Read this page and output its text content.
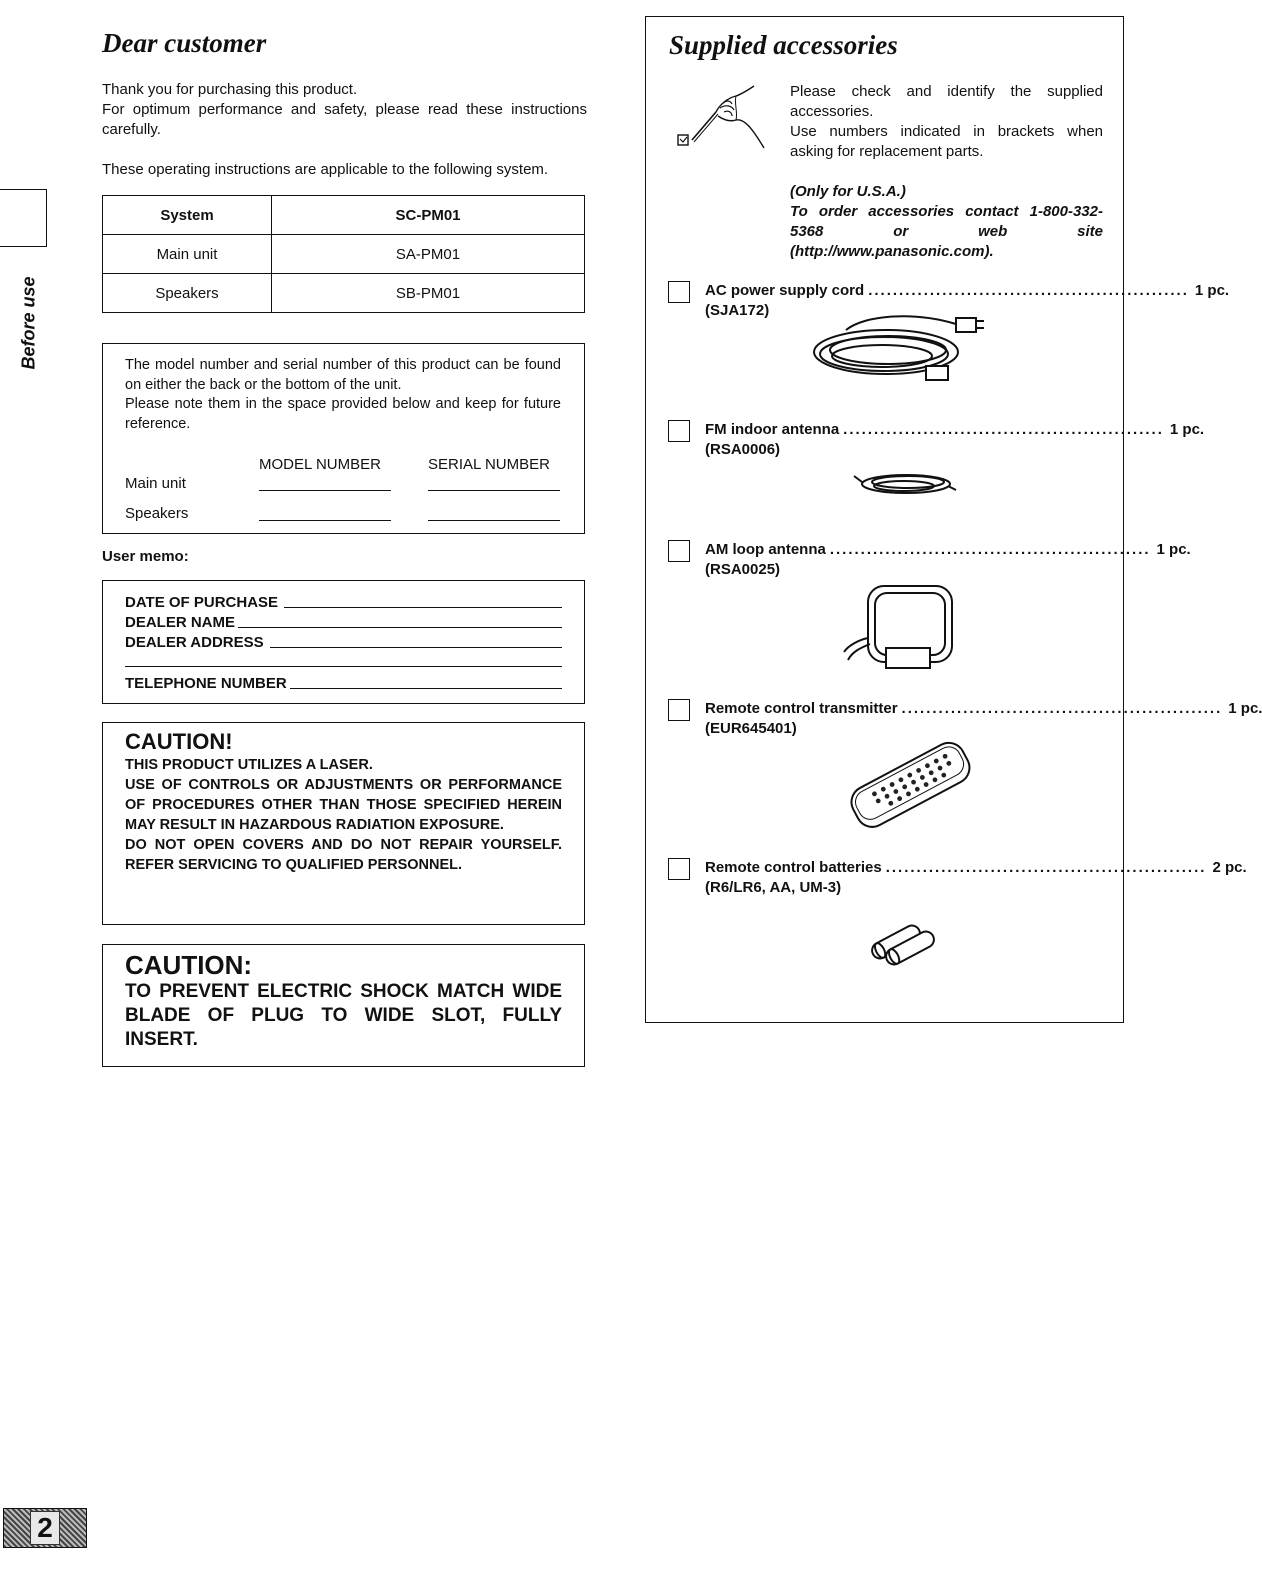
Before use
Dear customer

Thank you for purchasing this product.

For optimum performance and safety, please read these instructions carefully.

These operating instructions are applicable to the following system.

System	SC-PM01
Main unit	SA-PM01
Speakers	SB-PM01

The model number and serial number of this product can be found on either the back or the bottom of the unit.

Please note them in the space provided below and keep for future reference.

MODEL NUMBER	SERIAL NUMBER
Main unit
Speakers
User memo:
DATE OF PURCHASE
DEALER NAME
DEALER ADDRESS
TELEPHONE NUMBER
CAUTION!
THIS PRODUCT UTILIZES A LASER.
USE OF CONTROLS OR ADJUSTMENTS OR PERFORMANCE OF PROCEDURES OTHER THAN THOSE SPECIFIED HEREIN MAY RESULT IN HAZARDOUS RADIATION EXPOSURE.
DO NOT OPEN COVERS AND DO NOT REPAIR YOURSELF. REFER SERVICING TO QUALIFIED PERSONNEL.
CAUTION:
TO PREVENT ELECTRIC SHOCK MATCH WIDE BLADE OF PLUG TO WIDE SLOT, FULLY INSERT.
Supplied accessories

Please check and identify the supplied accessories.

Use numbers indicated in brackets when asking for replacement parts.

(Only for U.S.A.)

To order accessories contact 1-800-332-5368 or web site (http://www.panasonic.com).

AC power supply cord .................................................... 1 pc.
(SJA172)
FM indoor antenna .................................................... 1 pc.
(RSA0006)
AM loop antenna .................................................... 1 pc.
(RSA0025)
Remote control transmitter .................................................... 1 pc.
(EUR645401)
Remote control batteries .................................................... 2 pc.
(R6/LR6, AA, UM-3)
2
